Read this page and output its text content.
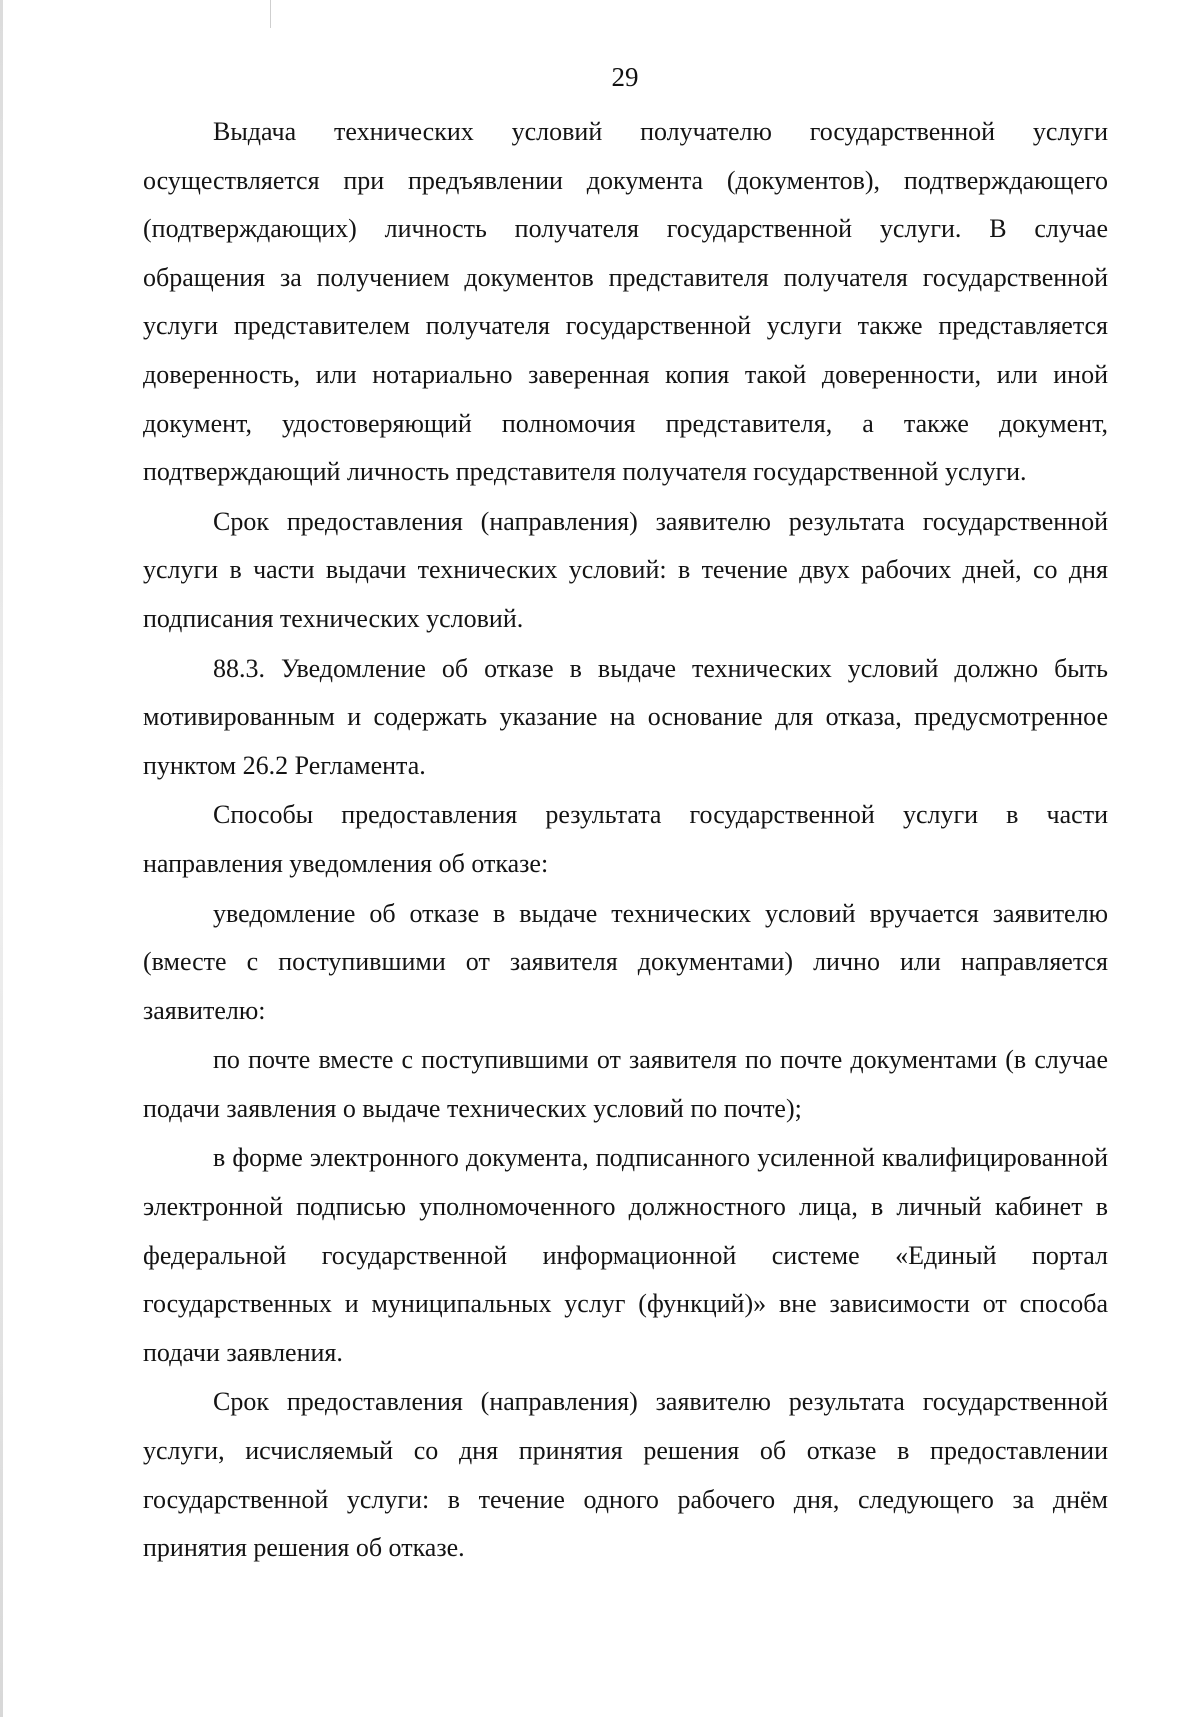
29

Выдача технических условий получателю государственной услуги осуществляется при предъявлении документа (документов), подтверждающего (подтверждающих) личность получателя государственной услуги. В случае обращения за получением документов представителя получателя государственной услуги представителем получателя государственной услуги также представляется доверенность, или нотариально заверенная копия такой доверенности, или иной документ, удостоверяющий полномочия представителя, а также документ, подтверждающий личность представителя получателя государственной услуги.

Срок предоставления (направления) заявителю результата государственной услуги в части выдачи технических условий: в течение двух рабочих дней, со дня подписания технических условий.

88.3. Уведомление об отказе в выдаче технических условий должно быть мотивированным и содержать указание на основание для отказа, предусмотренное пунктом 26.2 Регламента.

Способы предоставления результата государственной услуги в части направления уведомления об отказе:

уведомление об отказе в выдаче технических условий вручается заявителю (вместе с поступившими от заявителя документами) лично или направляется заявителю:

по почте вместе с поступившими от заявителя по почте документами (в случае подачи заявления о выдаче технических условий по почте);

в форме электронного документа, подписанного усиленной квалифицированной электронной подписью уполномоченного должностного лица, в личный кабинет в федеральной государственной информационной системе «Единый портал государственных и муниципальных услуг (функций)» вне зависимости от способа подачи заявления.

Срок предоставления (направления) заявителю результата государственной услуги, исчисляемый со дня принятия решения об отказе в предоставлении государственной услуги: в течение одного рабочего дня, следующего за днём принятия решения об отказе.
